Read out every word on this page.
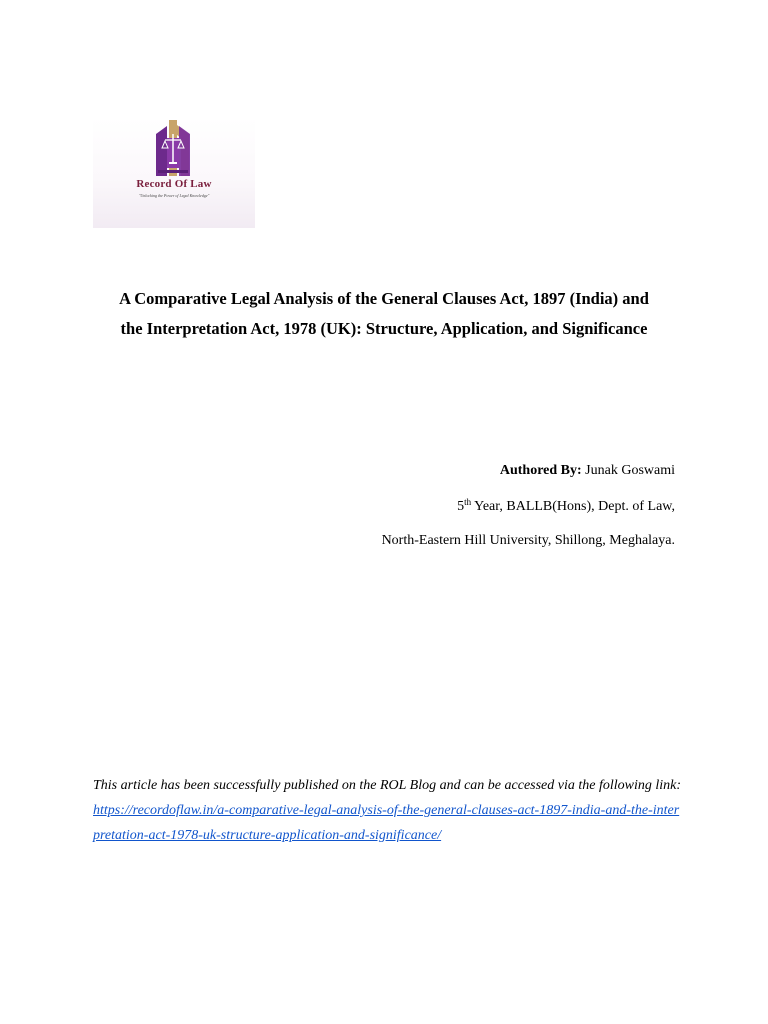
Record Of Law
"Unlocking the Power of Legal Knowledge"
A Comparative Legal Analysis of the General Clauses Act, 1897 (India) and
the Interpretation Act, 1978 (UK): Structure, Application, and Significance
Authored By: Junak Goswami
5th Year, BALLB(Hons), Dept. of Law,
North-Eastern Hill University, Shillong, Meghalaya.
This article has been successfully published on the ROL Blog and can be accessed via the following link: https://recordoflaw.in/a-comparative-legal-analysis-of-the-general-clauses-act-1897-india-and-the-interpretation-act-1978-uk-structure-application-and-significance/
